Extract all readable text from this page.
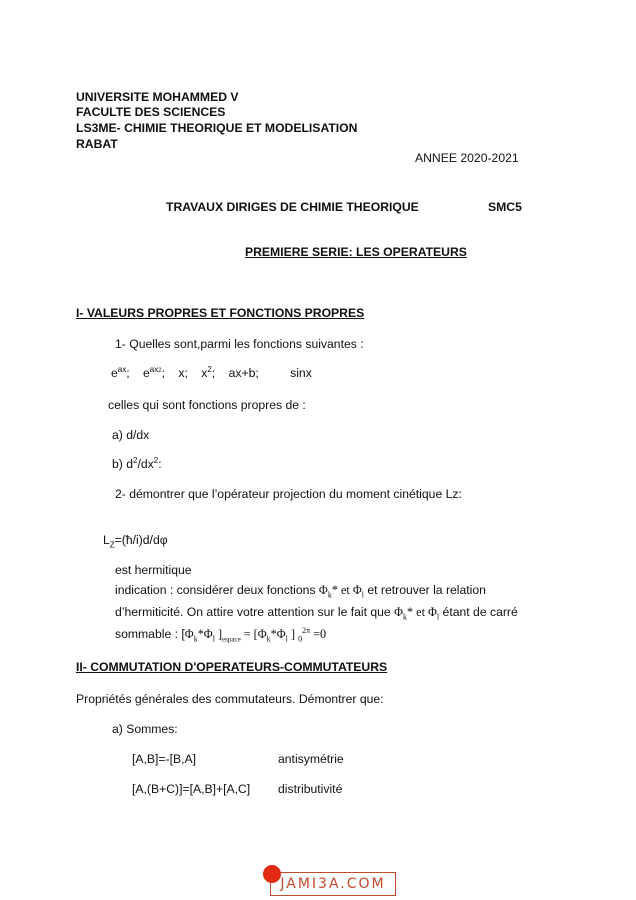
UNIVERSITE MOHAMMED V
FACULTE DES SCIENCES
LS3ME- CHIMIE THEORIQUE ET MODELISATION
RABAT
ANNEE 2020-2021
TRAVAUX DIRIGES DE CHIMIE THEORIQUE	SMC5
PREMIERE SERIE: LES OPERATEURS
I- VALEURS PROPRES ET FONCTIONS PROPRES
1- Quelles sont,parmi les fonctions suivantes :
$e^{ax}$; $e^{ax2}$; x; $x^2$; ax+b;	sinx
celles qui sont fonctions propres de :
a) d/dx
b) $d^2/dx^2$:
2- démontrer que l’opérateur projection du moment cinétique Lz:
$L_Z=(ħ/i)d/d\varphi$
est hermitique
indication : considérer deux fonctions $\Phi_k*$ et $\Phi_l$ et retrouver la relation
d’hermiticité. On attire votre attention sur le fait que $\Phi_k*$ et $\Phi_l$ étant de carré
sommable : [$\Phi_k*\Phi_l$ ]$_{espace} = [\Phi_k*\Phi_l$ ] $_0^{2\pi}$ =0
II- COMMUTATION D'OPERATEURS-COMMUTATEURS
Propriétés générales des commutateurs. Démontrer que:
a) Sommes:
[A,B]=-[B,A]	antisymétrie
[A,(B+C)]=[A,B]+[A,C] distributivité
JAMI3A.COM
